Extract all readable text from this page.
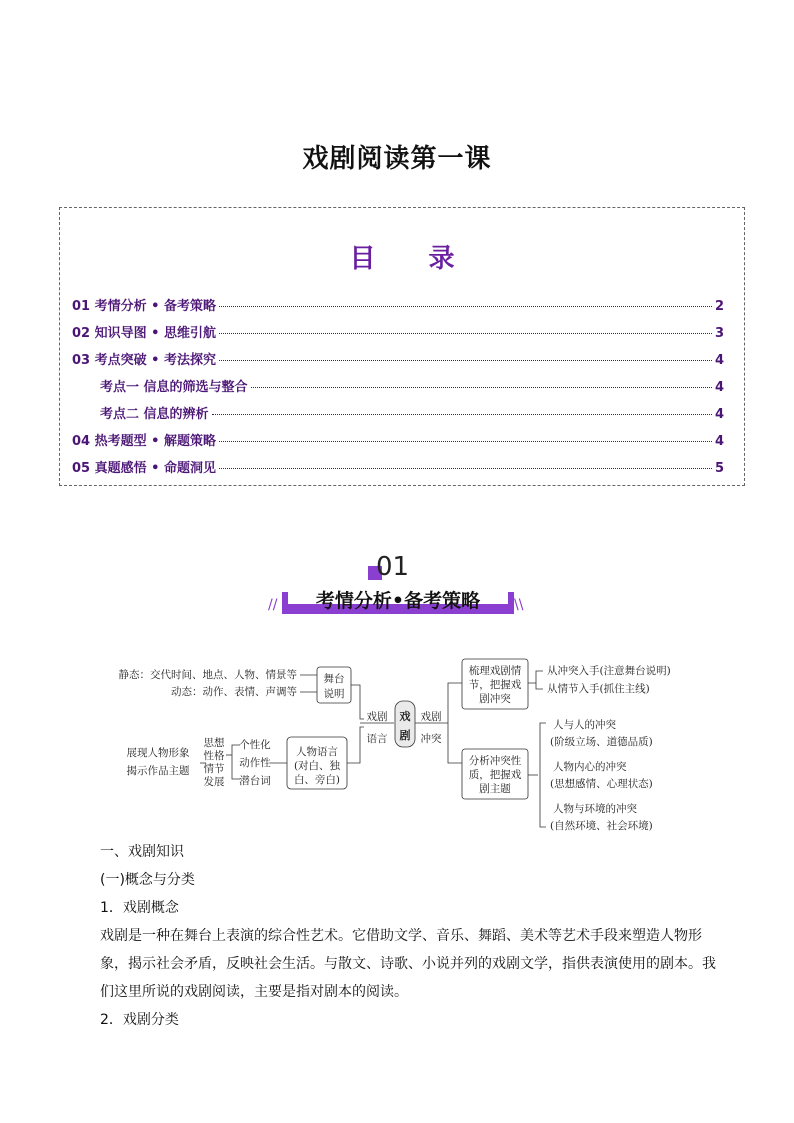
戏剧阅读第一课
目 录
01 考情分析 • 备考策略	2
02 知识导图 • 思维引航	3
03 考点突破 • 考法探究	4
考点一 信息的筛选与整合	4
考点二 信息的辨析	4
04 热考题型 • 解题策略	4
05 真题感悟 • 命题洞见	5
01
//	\\
考情分析•备考策略
静态：交代时间、地点、人物、情景等
动态：动作、表情、声调等
舞台
说明
戏剧
语言
戏
剧
戏剧
冲突
人物语言
(对白、独
白、旁白)
个性化
动作性
潜台词
思想
性格
情节
发展
展现人物形象
揭示作品主题
梳理戏剧情
节，把握戏
剧冲突
从冲突入手(注意舞台说明)
从情节入手(抓住主线)
分析冲突性
质，把握戏
剧主题
人与人的冲突
(阶级立场、道德品质)
人物内心的冲突
(思想感情、心理状态)
人物与环境的冲突
(自然环境、社会环境)

一、戏剧知识

(一)概念与分类

1．戏剧概念

戏剧是一种在舞台上表演的综合性艺术。它借助文学、音乐、舞蹈、美术等艺术手段来塑造人物形象，揭示社会矛盾，反映社会生活。与散文、诗歌、小说并列的戏剧文学，指供表演使用的剧本。我们这里所说的戏剧阅读，主要是指对剧本的阅读。

2．戏剧分类
